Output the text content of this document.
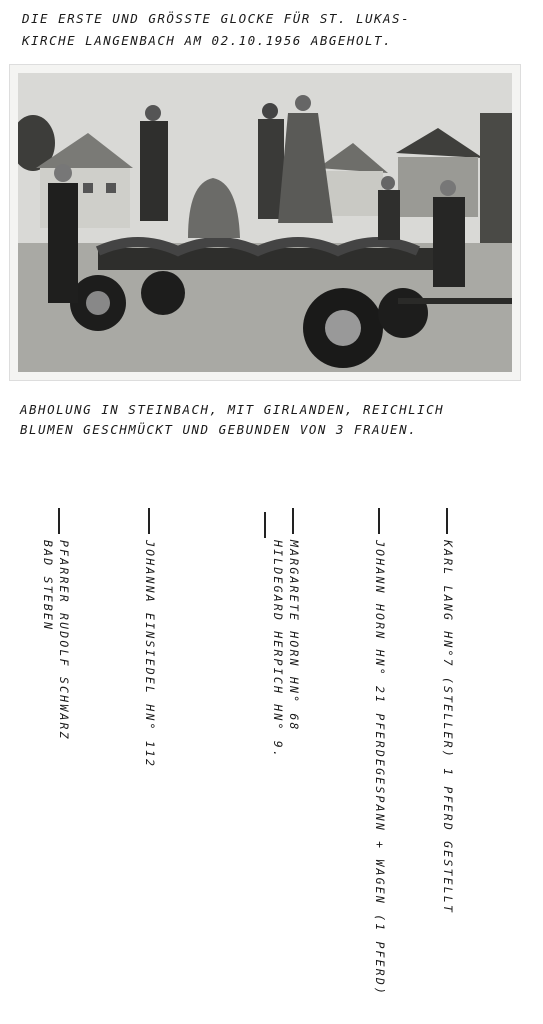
DIE ERSTE UND GRÖSSTE GLOCKE FÜR ST. LUKAS-
KIRCHE LANGENBACH AM 02.10.1956 ABGEHOLT.
ABHOLUNG IN STEINBACH, MIT GIRLANDEN, REICHLICH
BLUMEN GESCHMÜCKT UND GEBUNDEN VON 3 FRAUEN.
KARL LANG HN°7 (STELLER) 1 PFERD GESTELLT
JOHANN HORN HN° 21 PFERDEGESPANN + WAGEN (1 PFERD)
MARGARETE HORN HN° 68
HILDEGARD HERPICH HN° 9.
JOHANNA EINSIEDEL HN° 112
PFARRER RUDOLF SCHWARZ
BAD STEBEN
